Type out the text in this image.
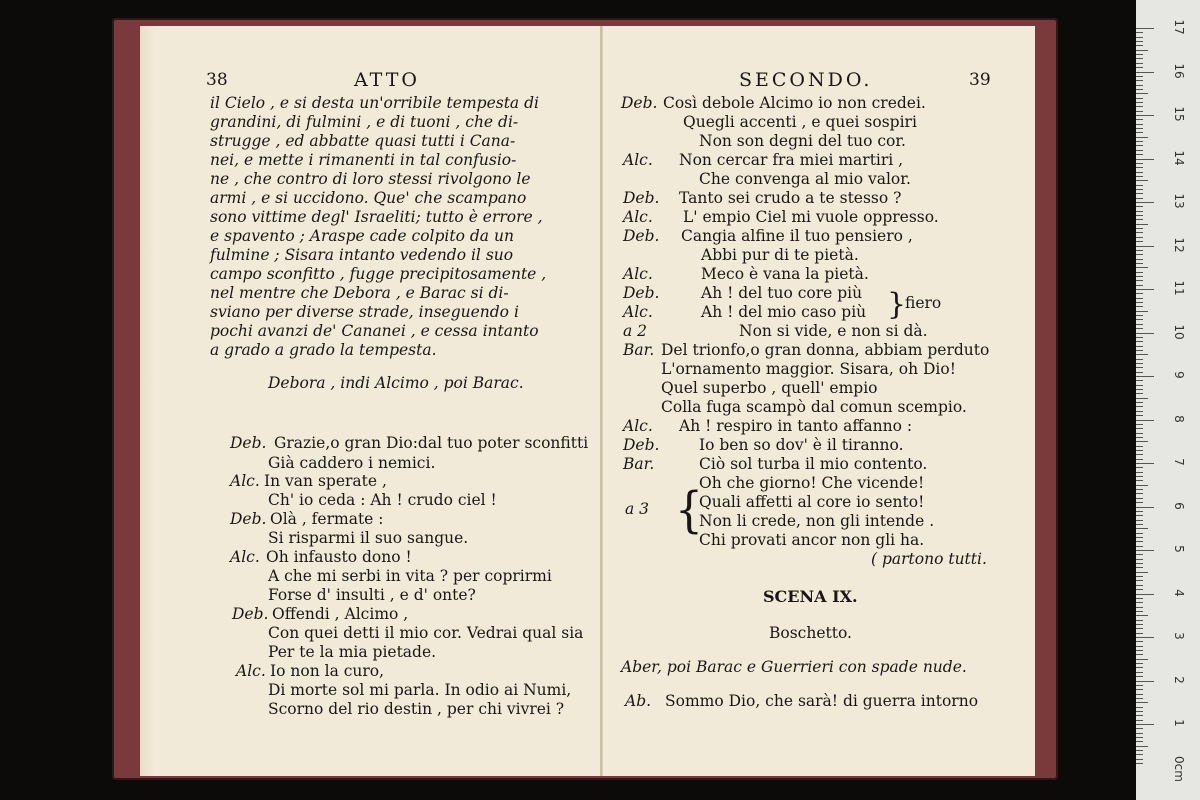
38	ATTO
il Cielo , e si desta un'orribile tempesta di
grandini, di fulmini , e di tuoni , che di-
strugge , ed abbatte quasi tutti i Cana-
nei, e mette i rimanenti in tal confusio-
ne , che contro di loro stessi rivolgono le
armi , e si uccidono. Que' che scampano
sono vittime degl' Israeliti; tutto è errore ,
e spavento ; Araspe cade colpito da un
fulmine ; Sisara intanto vedendo il suo
campo sconfitto , fugge precipitosamente ,
nel mentre che Debora , e Barac si di-
sviano per diverse strade, inseguendo i
pochi avanzi de' Cananei , e cessa intanto
a grado a grado la tempesta.
Debora , indi Alcimo , poi Barac.
Deb. Grazie,o gran Dio:dal tuo poter sconfitti
Già caddero i nemici.
Alc. In van sperate ,
Ch' io ceda : Ah ! crudo ciel !
Deb. Olà , fermate :
Si risparmi il suo sangue.
Alc. Oh infausto dono !
A che mi serbi in vita ? per coprirmi
Forse d' insulti , e d' onte?
Deb. Offendi , Alcimo ,
Con quei detti il mio cor. Vedrai qual sia
Per te la mia pietade.
Alc. Io non la curo,
Di morte sol mi parla. In odio ai Numi,
Scorno del rio destin , per chi vivrei ?
SECONDO.	39
Deb. Così debole Alcimo io non credei.
Quegli accenti , e quei sospiri
Non son degni del tuo cor.
Alc. Non cercar fra miei martiri ,
Che convenga al mio valor.
Deb. Tanto sei crudo a te stesso ?
Alc. L' empio Ciel mi vuole oppresso.
Deb. Cangia alfine il tuo pensiero ,
Abbi pur di te pietà.
Alc.	Meco è vana la pietà.
Deb.	Ah ! del tuo core più
Alc.	Ah ! del mio caso più }
fiero
a 2	Non si vide, e non si dà.
Bar. Del trionfo,o gran donna, abbiam perduto
L'ornamento maggior. Sisara, oh Dio!
Quel superbo , quell' empio
Colla fuga scampò dal comun scempio.
Alc. Ah ! respiro in tanto affanno :
Deb.	Io ben so dov' è il tiranno.
Bar.	Ciò sol turba il mio contento.
a 3 {
Oh che giorno! Che vicende!
Quali affetti al core io sento!
Non li crede, non gli intende .
Chi provati ancor non gli ha.
( partono tutti.
SCENA IX.
Boschetto.
Aber, poi Barac e Guerrieri con spade nude.
Ab. Sommo Dio, che sarà! di guerra intorno
17
16
15
14
13
12
11
10
9
8
7
6
5
4
3
2
1
0cm
